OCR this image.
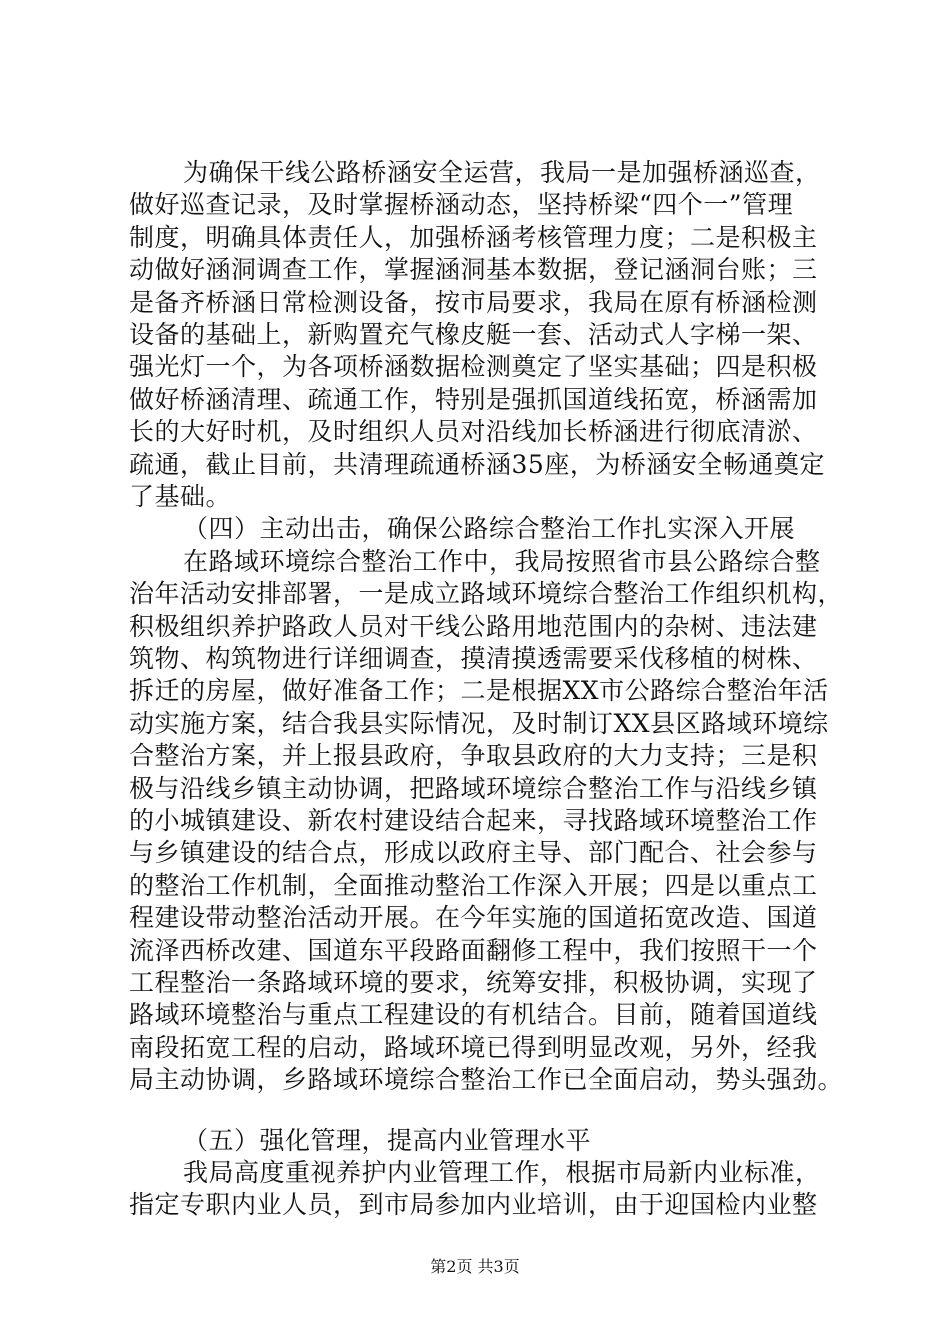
为确保干线公路桥涵安全运营，我局一是加强桥涵巡查，
做好巡查记录，及时掌握桥涵动态，坚持桥梁“四个一”管理
制度，明确具体责任人，加强桥涵考核管理力度；二是积极主
动做好涵洞调查工作，掌握涵洞基本数据，登记涵洞台账；三
是备齐桥涵日常检测设备，按市局要求，我局在原有桥涵检测
设备的基础上，新购置充气橡皮艇一套、活动式人字梯一架、
强光灯一个，为各项桥涵数据检测奠定了坚实基础；四是积极
做好桥涵清理、疏通工作，特别是强抓国道线拓宽，桥涵需加
长的大好时机，及时组织人员对沿线加长桥涵进行彻底清淤、
疏通，截止目前，共清理疏通桥涵35座，为桥涵安全畅通奠定
了基础。
（四）主动出击，确保公路综合整治工作扎实深入开展
在路域环境综合整治工作中，我局按照省市县公路综合整
治年活动安排部署，一是成立路域环境综合整治工作组织机构，
积极组织养护路政人员对干线公路用地范围内的杂树、违法建
筑物、构筑物进行详细调查，摸清摸透需要采伐移植的树株、
拆迁的房屋，做好准备工作；二是根据XX市公路综合整治年活
动实施方案，结合我县实际情况，及时制订XX县区路域环境综
合整治方案，并上报县政府，争取县政府的大力支持；三是积
极与沿线乡镇主动协调，把路域环境综合整治工作与沿线乡镇
的小城镇建设、新农村建设结合起来，寻找路域环境整治工作
与乡镇建设的结合点，形成以政府主导、部门配合、社会参与
的整治工作机制，全面推动整治工作深入开展；四是以重点工
程建设带动整治活动开展。在今年实施的国道拓宽改造、国道
流泽西桥改建、国道东平段路面翻修工程中，我们按照干一个
工程整治一条路域环境的要求，统筹安排，积极协调，实现了
路域环境整治与重点工程建设的有机结合。目前，随着国道线
南段拓宽工程的启动，路域环境已得到明显改观，另外，经我
局主动协调，乡路域环境综合整治工作已全面启动，势头强劲。
（五）强化管理，提高内业管理水平
我局高度重视养护内业管理工作，根据市局新内业标准，
指定专职内业人员，到市局参加内业培训，由于迎国检内业整
第2页 共3页
